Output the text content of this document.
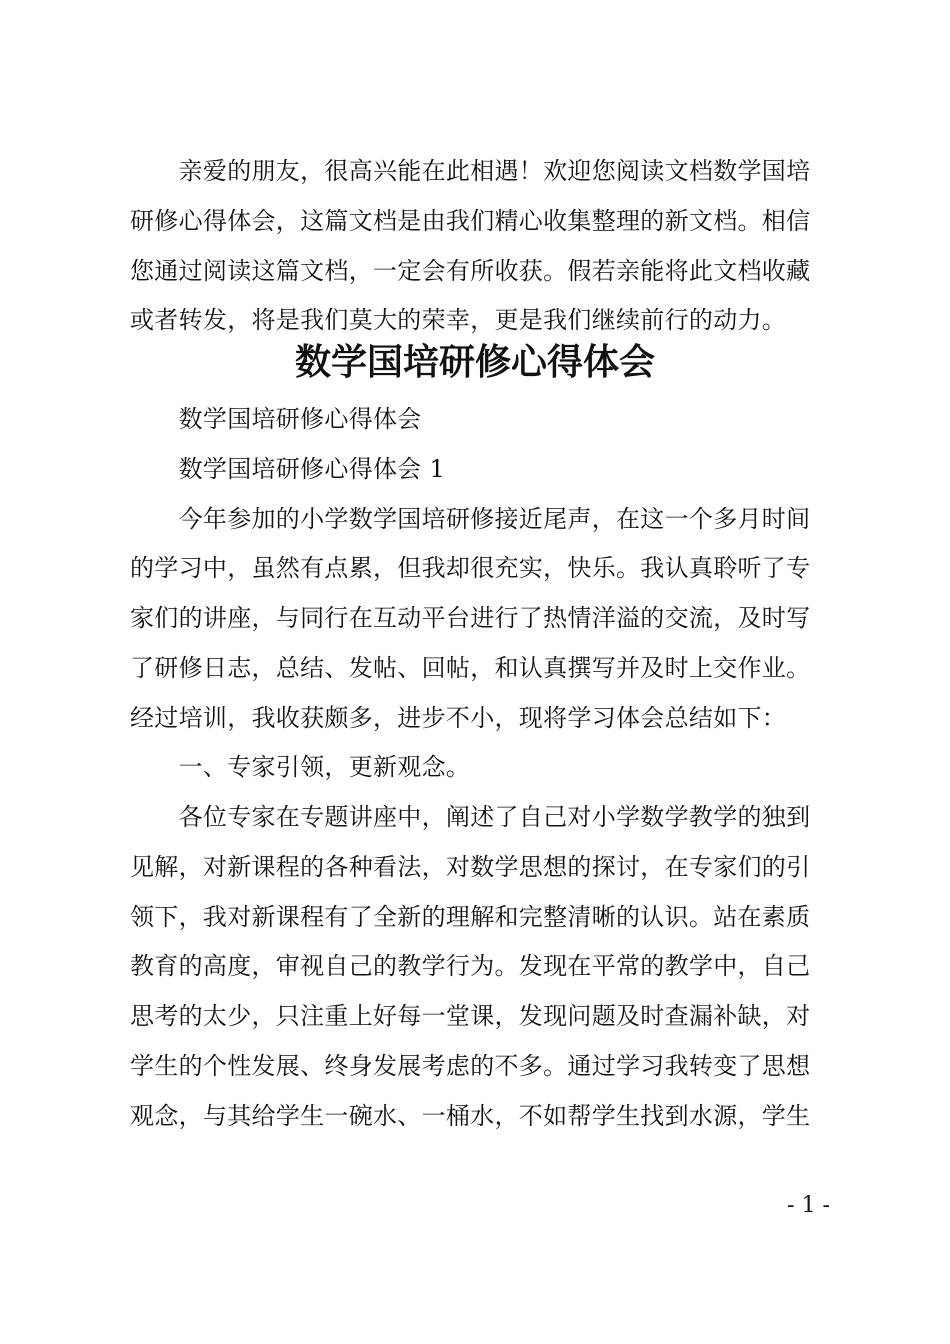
　　亲爱的朋友，很高兴能在此相遇！欢迎您阅读文档数学国培
研修心得体会，这篇文档是由我们精心收集整理的新文档。相信
您通过阅读这篇文档，一定会有所收获。假若亲能将此文档收藏
或者转发，将是我们莫大的荣幸，更是我们继续前行的动力。
数学国培研修心得体会
　　数学国培研修心得体会
　　数学国培研修心得体会 1
　　今年参加的小学数学国培研修接近尾声，在这一个多月时间
的学习中，虽然有点累，但我却很充实，快乐。我认真聆听了专
家们的讲座，与同行在互动平台进行了热情洋溢的交流，及时写
了研修日志，总结、发帖、回帖，和认真撰写并及时上交作业。
经过培训，我收获颇多，进步不小，现将学习体会总结如下：
　　一、专家引领，更新观念。
　　各位专家在专题讲座中，阐述了自己对小学数学教学的独到
见解，对新课程的各种看法，对数学思想的探讨，在专家们的引
领下，我对新课程有了全新的理解和完整清晰的认识。站在素质
教育的高度，审视自己的教学行为。发现在平常的教学中，自己
思考的太少，只注重上好每一堂课，发现问题及时查漏补缺，对
学生的个性发展、终身发展考虑的不多。通过学习我转变了思想
观念，与其给学生一碗水、一桶水，不如帮学生找到水源，学生
- 1 -
